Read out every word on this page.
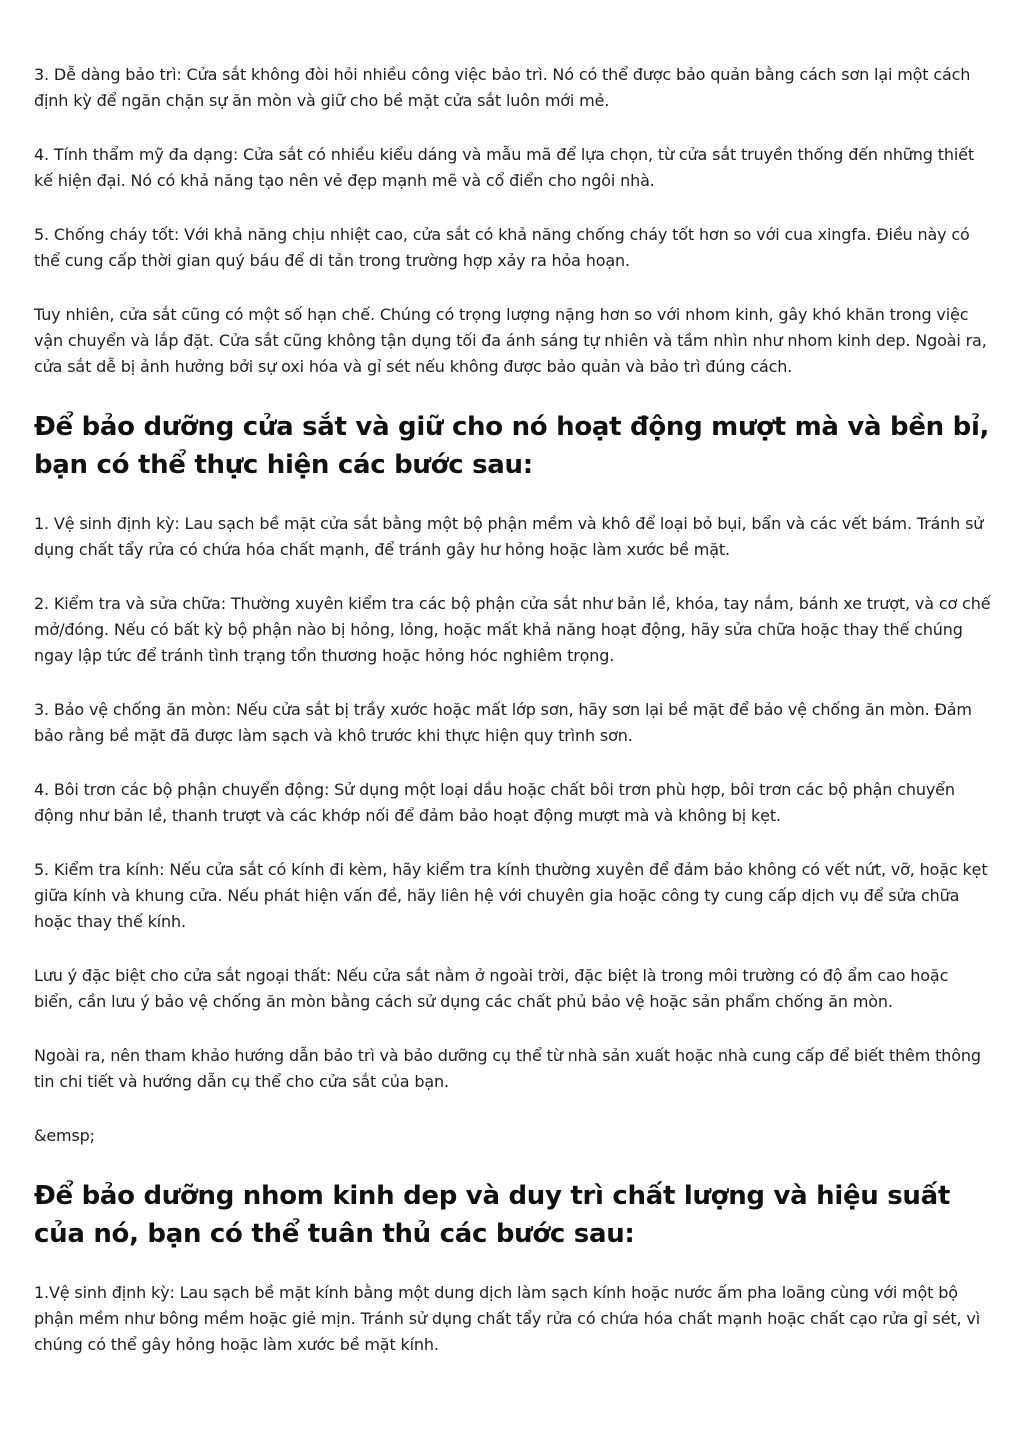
3. Dễ dàng bảo trì: Cửa sắt không đòi hỏi nhiều công việc bảo trì. Nó có thể được bảo quản bằng cách sơn lại một cách định kỳ để ngăn chặn sự ăn mòn và giữ cho bề mặt cửa sắt luôn mới mẻ.

4. Tính thẩm mỹ đa dạng: Cửa sắt có nhiều kiểu dáng và mẫu mã để lựa chọn, từ cửa sắt truyền thống đến những thiết kế hiện đại. Nó có khả năng tạo nên vẻ đẹp mạnh mẽ và cổ điển cho ngôi nhà.

5. Chống cháy tốt: Với khả năng chịu nhiệt cao, cửa sắt có khả năng chống cháy tốt hơn so với cua xingfa. Điều này có thể cung cấp thời gian quý báu để di tản trong trường hợp xảy ra hỏa hoạn.

Tuy nhiên, cửa sắt cũng có một số hạn chế. Chúng có trọng lượng nặng hơn so với nhom kinh, gây khó khăn trong việc vận chuyển và lắp đặt. Cửa sắt cũng không tận dụng tối đa ánh sáng tự nhiên và tầm nhìn như nhom kinh dep. Ngoài ra, cửa sắt dễ bị ảnh hưởng bởi sự oxi hóa và gỉ sét nếu không được bảo quản và bảo trì đúng cách.

Để bảo dưỡng cửa sắt và giữ cho nó hoạt động mượt mà và bền bỉ, bạn có thể thực hiện các bước sau:

1. Vệ sinh định kỳ: Lau sạch bề mặt cửa sắt bằng một bộ phận mềm và khô để loại bỏ bụi, bẩn và các vết bám. Tránh sử dụng chất tẩy rửa có chứa hóa chất mạnh, để tránh gây hư hỏng hoặc làm xước bề mặt.

2. Kiểm tra và sửa chữa: Thường xuyên kiểm tra các bộ phận cửa sắt như bản lề, khóa, tay nắm, bánh xe trượt, và cơ chế mở/đóng. Nếu có bất kỳ bộ phận nào bị hỏng, lỏng, hoặc mất khả năng hoạt động, hãy sửa chữa hoặc thay thế chúng ngay lập tức để tránh tình trạng tổn thương hoặc hỏng hóc nghiêm trọng.

3. Bảo vệ chống ăn mòn: Nếu cửa sắt bị trầy xước hoặc mất lớp sơn, hãy sơn lại bề mặt để bảo vệ chống ăn mòn. Đảm bảo rằng bề mặt đã được làm sạch và khô trước khi thực hiện quy trình sơn.

4. Bôi trơn các bộ phận chuyển động: Sử dụng một loại dầu hoặc chất bôi trơn phù hợp, bôi trơn các bộ phận chuyển động như bản lề, thanh trượt và các khớp nối để đảm bảo hoạt động mượt mà và không bị kẹt.

5. Kiểm tra kính: Nếu cửa sắt có kính đi kèm, hãy kiểm tra kính thường xuyên để đảm bảo không có vết nứt, vỡ, hoặc kẹt giữa kính và khung cửa. Nếu phát hiện vấn đề, hãy liên hệ với chuyên gia hoặc công ty cung cấp dịch vụ để sửa chữa hoặc thay thế kính.

Lưu ý đặc biệt cho cửa sắt ngoại thất: Nếu cửa sắt nằm ở ngoài trời, đặc biệt là trong môi trường có độ ẩm cao hoặc biển, cần lưu ý bảo vệ chống ăn mòn bằng cách sử dụng các chất phủ bảo vệ hoặc sản phẩm chống ăn mòn.

Ngoài ra, nên tham khảo hướng dẫn bảo trì và bảo dưỡng cụ thể từ nhà sản xuất hoặc nhà cung cấp để biết thêm thông tin chi tiết và hướng dẫn cụ thể cho cửa sắt của bạn.

&emsp;

Để bảo dưỡng nhom kinh dep và duy trì chất lượng và hiệu suất của nó, bạn có thể tuân thủ các bước sau:

1.Vệ sinh định kỳ: Lau sạch bề mặt kính bằng một dung dịch làm sạch kính hoặc nước ấm pha loãng cùng với một bộ phận mềm như bông mềm hoặc giẻ mịn. Tránh sử dụng chất tẩy rửa có chứa hóa chất mạnh hoặc chất cạo rửa gỉ sét, vì chúng có thể gây hỏng hoặc làm xước bề mặt kính.
